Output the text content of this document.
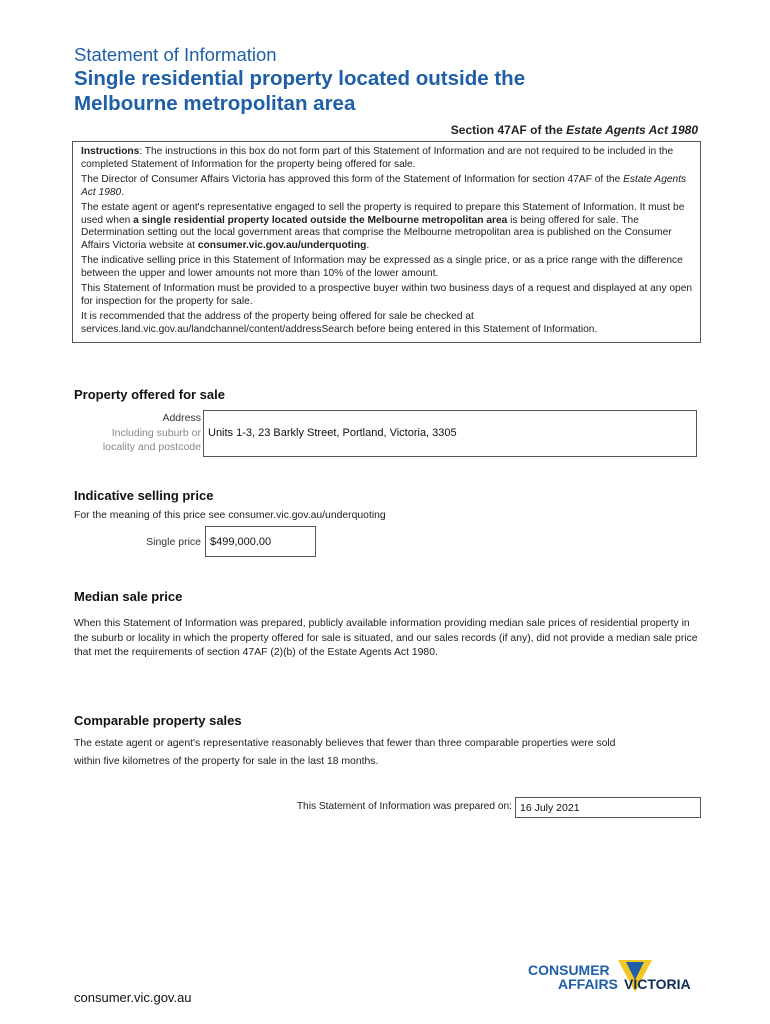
Statement of Information
Single residential property located outside the
Melbourne metropolitan area
Section 47AF of the Estate Agents Act 1980

Instructions: The instructions in this box do not form part of this Statement of Information and are not required to be included in the completed Statement of Information for the property being offered for sale.

The Director of Consumer Affairs Victoria has approved this form of the Statement of Information for section 47AF of the Estate Agents Act 1980.

The estate agent or agent's representative engaged to sell the property is required to prepare this Statement of Information. It must be used when a single residential property located outside the Melbourne metropolitan area is being offered for sale. The Determination setting out the local government areas that comprise the Melbourne metropolitan area is published on the Consumer Affairs Victoria website at consumer.vic.gov.au/underquoting.

The indicative selling price in this Statement of Information may be expressed as a single price, or as a price range with the difference between the upper and lower amounts not more than 10% of the lower amount.

This Statement of Information must be provided to a prospective buyer within two business days of a request and displayed at any open for inspection for the property for sale.

It is recommended that the address of the property being offered for sale be checked at services.land.vic.gov.au/landchannel/content/addressSearch before being entered in this Statement of Information.

Property offered for sale
Address
Including suburb or
locality and postcode
Units 1-3, 23 Barkly Street, Portland, Victoria, 3305
Indicative selling price
For the meaning of this price see consumer.vic.gov.au/underquoting
Single price $499,000.00
Median sale price
When this Statement of Information was prepared, publicly available information providing median sale prices of residential property in the suburb or locality in which the property offered for sale is situated, and our sales records (if any), did not provide a median sale price that met the requirements of section 47AF (2)(b) of the Estate Agents Act 1980.
Comparable property sales
The estate agent or agent's representative reasonably believes that fewer than three comparable properties were sold
within five kilometres of the property for sale in the last 18 months.
This Statement of Information was prepared on: 16 July 2021
consumer.vic.gov.au
CONSUMER
AFFAIRS VICTORIA
